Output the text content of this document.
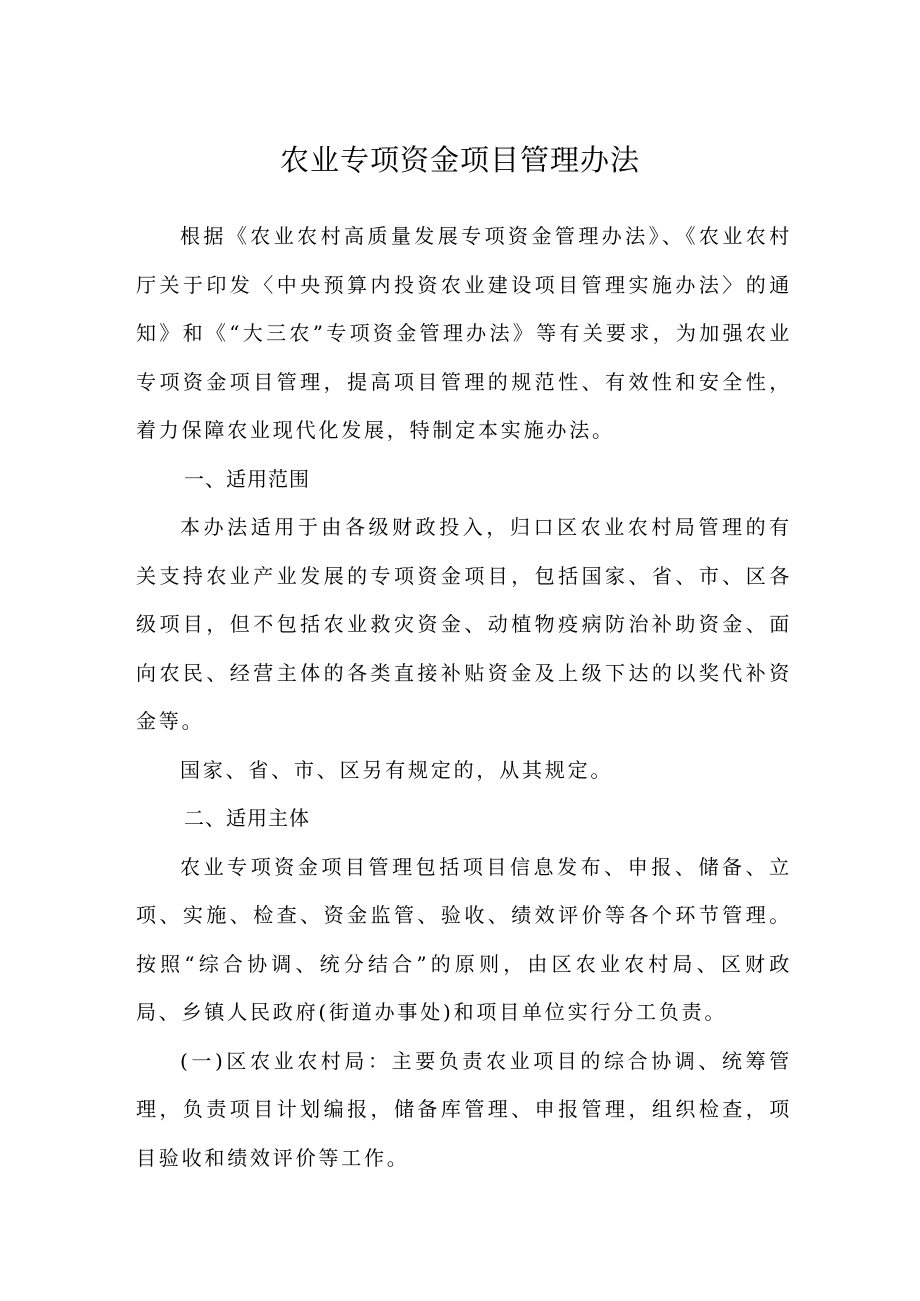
农业专项资金项目管理办法

根据《农业农村高质量发展专项资金管理办法》、《农业农村厅关于印发〈中央预算内投资农业建设项目管理实施办法〉的通知》和《“大三农”专项资金管理办法》等有关要求，为加强农业专项资金项目管理，提高项目管理的规范性、有效性和安全性，着力保障农业现代化发展，特制定本实施办法。

一、适用范围

本办法适用于由各级财政投入，归口区农业农村局管理的有关支持农业产业发展的专项资金项目，包括国家、省、市、区各级项目，但不包括农业救灾资金、动植物疫病防治补助资金、面向农民、经营主体的各类直接补贴资金及上级下达的以奖代补资金等。

国家、省、市、区另有规定的，从其规定。

二、适用主体

农业专项资金项目管理包括项目信息发布、申报、储备、立项、实施、检查、资金监管、验收、绩效评价等各个环节管理。按照“综合协调、统分结合”的原则，由区农业农村局、区财政局、乡镇人民政府(街道办事处)和项目单位实行分工负责。

(一)区农业农村局：主要负责农业项目的综合协调、统筹管理，负责项目计划编报，储备库管理、申报管理，组织检查，项目验收和绩效评价等工作。
